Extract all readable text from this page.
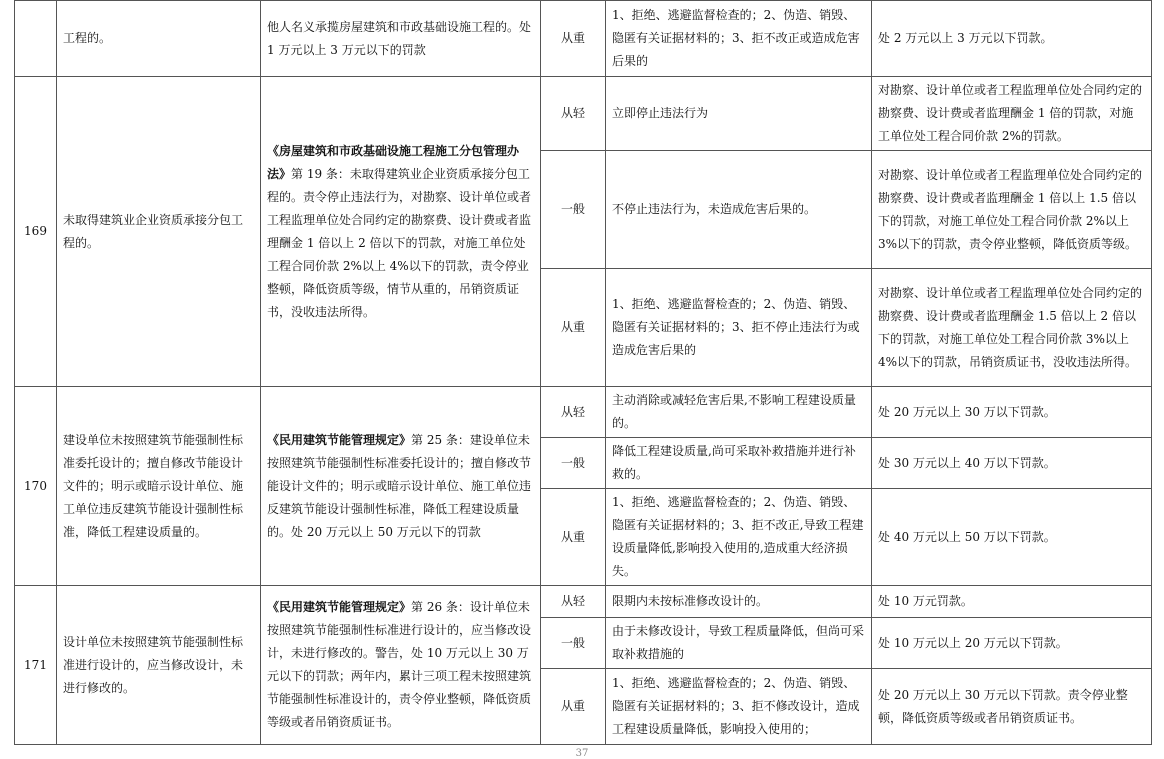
	工程的。	他人名义承揽房屋建筑和市政基础设施工程的。处 1 万元以上 3 万元以下的罚款	从重	1、拒绝、逃避监督检查的；2、伪造、销毁、隐匿有关证据材料的；3、拒不改正或造成危害后果的	处 2 万元以上 3 万元以下罚款。
169	未取得建筑业企业资质承接分包工程的。	《房屋建筑和市政基础设施工程施工分包管理办法》第 19 条：未取得建筑业企业资质承接分包工程的。责令停止违法行为，对勘察、设计单位或者工程监理单位处合同约定的勘察费、设计费或者监理酬金 1 倍以上 2 倍以下的罚款，对施工单位处工程合同价款 2%以上 4%以下的罚款，责令停业整顿，降低资质等级，情节从重的，吊销资质证书，没收违法所得。	从轻	立即停止违法行为	对勘察、设计单位或者工程监理单位处合同约定的勘察费、设计费或者监理酬金 1 倍的罚款，对施工单位处工程合同价款 2%的罚款。
			一般	不停止违法行为，未造成危害后果的。	对勘察、设计单位或者工程监理单位处合同约定的勘察费、设计费或者监理酬金 1 倍以上 1.5 倍以下的罚款，对施工单位处工程合同价款 2%以上 3%以下的罚款，责令停业整顿，降低资质等级。
			从重	1、拒绝、逃避监督检查的；2、伪造、销毁、隐匿有关证据材料的；3、拒不停止违法行为或造成危害后果的	对勘察、设计单位或者工程监理单位处合同约定的勘察费、设计费或者监理酬金 1.5 倍以上 2 倍以下的罚款，对施工单位处工程合同价款 3%以上 4%以下的罚款，吊销资质证书，没收违法所得。
170	建设单位未按照建筑节能强制性标准委托设计的；擅自修改节能设计文件的；明示或暗示设计单位、施工单位违反建筑节能设计强制性标准，降低工程建设质量的。	《民用建筑节能管理规定》第 25 条：建设单位未按照建筑节能强制性标准委托设计的；擅自修改节能设计文件的；明示或暗示设计单位、施工单位违反建筑节能设计强制性标准，降低工程建设质量的。处 20 万元以上 50 万元以下的罚款	从轻	主动消除或减轻危害后果,不影响工程建设质量的。	处 20 万元以上 30 万以下罚款。
			一般	降低工程建设质量,尚可采取补救措施并进行补救的。	处 30 万元以上 40 万以下罚款。
			从重	1、拒绝、逃避监督检查的；2、伪造、销毁、隐匿有关证据材料的；3、拒不改正,导致工程建设质量降低,影响投入使用的,造成重大经济损失。	处 40 万元以上 50 万以下罚款。
171	设计单位未按照建筑节能强制性标准进行设计的，应当修改设计，未进行修改的。	《民用建筑节能管理规定》第 26 条：设计单位未按照建筑节能强制性标准进行设计的，应当修改设计，未进行修改的。警告，处 10 万元以上 30 万元以下的罚款；两年内，累计三项工程未按照建筑节能强制性标准设计的，责令停业整顿，降低资质等级或者吊销资质证书。	从轻	限期内未按标准修改设计的。	处 10 万元罚款。
			一般	由于未修改设计，导致工程质量降低，但尚可采取补救措施的	处 10 万元以上 20 万元以下罚款。
			从重	1、拒绝、逃避监督检查的；2、伪造、销毁、隐匿有关证据材料的；3、拒不修改设计，造成工程建设质量降低，影响投入使用的；	处 20 万元以上 30 万元以下罚款。责令停业整顿，降低资质等级或者吊销资质证书。
37
